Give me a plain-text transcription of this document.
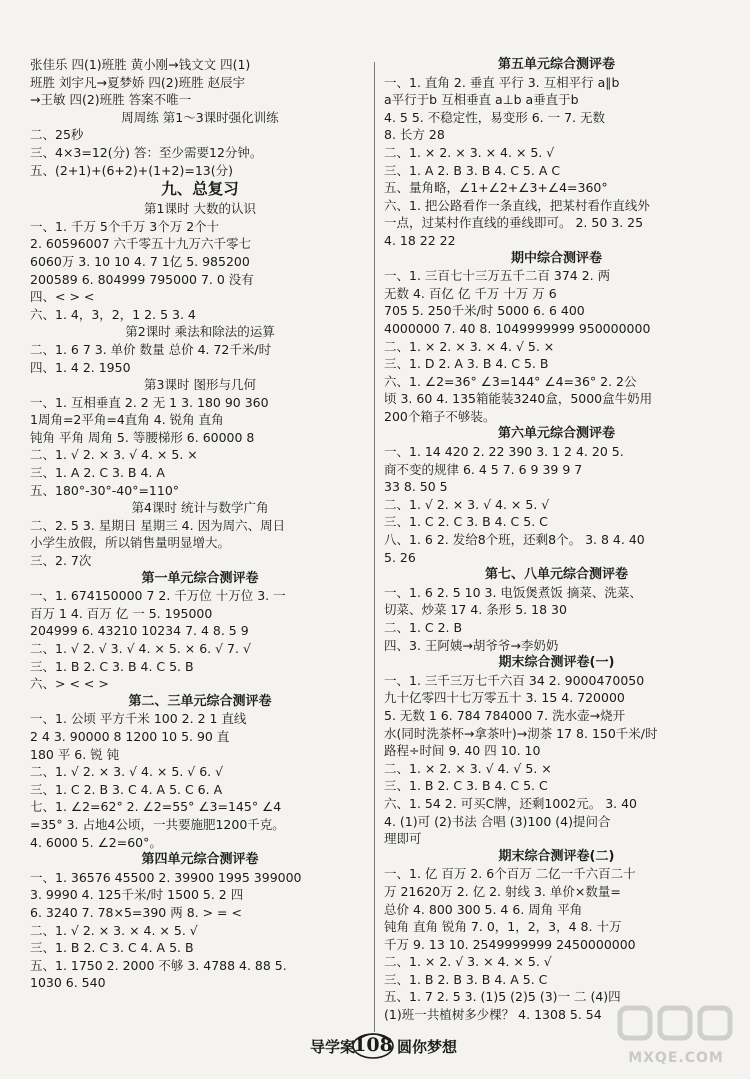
张佳乐 四(1)班胜 黄小刚→钱文文 四(1)
班胜 刘宇凡→夏梦娇 四(2)班胜 赵辰宇
→王敏 四(2)班胜 答案不唯一
周周练 第1～3课时强化训练
二、25秒
三、4×3=12(分) 答：至少需要12分钟。
五、(2+1)+(6+2)+(1+2)=13(分)
九、总复习
第1课时 大数的认识
一、1. 千万 5个千万 3个万 2个十
2. 60596007 六千零五十九万六千零七
6060万 3. 10 10 4. 7 1亿 5. 985200
200589 6. 804999 795000 7. 0 没有
四、< > <
六、1. 4，3，2，1 2. 5 3. 4
第2课时 乘法和除法的运算
二、1. 6 7 3. 单价 数量 总价 4. 72千米/时
四、1. 4 2. 1950
第3课时 图形与几何
一、1. 互相垂直 2. 2 无 1 3. 180 90 360
1周角=2平角=4直角 4. 锐角 直角
钝角 平角 周角 5. 等腰梯形 6. 60000 8
二、1. √ 2. × 3. √ 4. × 5. ×
三、1. A 2. C 3. B 4. A
五、180°-30°-40°=110°
第4课时 统计与数学广角
二、2. 5 3. 星期日 星期三 4. 因为周六、周日
小学生放假，所以销售量明显增大。
三、2. 7次
第一单元综合测评卷
一、1. 674150000 7 2. 千万位 十万位 3. 一
百万 1 4. 百万 亿 一 5. 195000
204999 6. 43210 10234 7. 4 8. 5 9
二、1. √ 2. √ 3. √ 4. × 5. × 6. √ 7. √
三、1. B 2. C 3. B 4. C 5. B
六、> < < >
第二、三单元综合测评卷
一、1. 公顷 平方千米 100 2. 2 1 直线
2 4 3. 90000 8 1200 10 5. 90 直
180 平 6. 锐 钝
二、1. √ 2. × 3. √ 4. × 5. √ 6. √
三、1. C 2. B 3. C 4. A 5. C 6. A
七、1. ∠2=62° 2. ∠2=55° ∠3=145° ∠4
=35° 3. 占地4公顷，一共要施肥1200千克。
4. 6000 5. ∠2=60°。
第四单元综合测评卷
一、1. 36576 45500 2. 39900 1995 399000
3. 9990 4. 125千米/时 1500 5. 2 四
6. 3240 7. 78×5=390 两 8. > = <
二、1. √ 2. × 3. × 4. × 5. √
三、1. B 2. C 3. C 4. A 5. B
五、1. 1750 2. 2000 不够 3. 4788 4. 88 5.
1030 6. 540
第五单元综合测评卷
一、1. 直角 2. 垂直 平行 3. 互相平行 a∥b
a平行于b 互相垂直 a⊥b a垂直于b
4. 5 5. 不稳定性，易变形 6. 一 7. 无数
8. 长方 28
二、1. × 2. × 3. × 4. × 5. √
三、1. A 2. B 3. B 4. C 5. A C
五、量角略，∠1+∠2+∠3+∠4=360°
六、1. 把公路看作一条直线，把某村看作直线外
一点，过某村作直线的垂线即可。 2. 50 3. 25
4. 18 22 22
期中综合测评卷
一、1. 三百七十三万五千二百 374 2. 两
无数 4. 百亿 亿 千万 十万 万 6
705 5. 250千米/时 5000 6. 6 400
4000000 7. 40 8. 1049999999 950000000
二、1. × 2. × 3. × 4. √ 5. ×
三、1. D 2. A 3. B 4. C 5. B
六、1. ∠2=36° ∠3=144° ∠4=36° 2. 2公
顷 3. 60 4. 135箱能装3240盒，5000盒牛奶用
200个箱子不够装。
第六单元综合测评卷
一、1. 14 420 2. 22 390 3. 1 2 4. 20 5.
商不变的规律 6. 4 5 7. 6 9 39 9 7
33 8. 50 5
二、1. √ 2. × 3. √ 4. × 5. √
三、1. C 2. C 3. B 4. C 5. C
八、1. 6 2. 发给8个班，还剩8个。 3. 8 4. 40
5. 26
第七、八单元综合测评卷
一、1. 6 2. 5 10 3. 电饭煲煮饭 摘菜、洗菜、
切菜、炒菜 17 4. 条形 5. 18 30
二、1. C 2. B
四、3. 王阿姨→胡爷爷→李奶奶
期末综合测评卷(一)
一、1. 三千三万七千六百 34 2. 9000470050
九十亿零四十七万零五十 3. 15 4. 720000
5. 无数 1 6. 784 784000 7. 洗水壶→烧开
水(同时洗茶杯→拿茶叶)→沏茶 17 8. 150千米/时
路程÷时间 9. 40 四 10. 10
二、1. × 2. × 3. √ 4. √ 5. ×
三、1. B 2. C 3. B 4. C 5. C
六、1. 54 2. 可买C牌，还剩1002元。 3. 40
4. (1)可 (2)书法 合唱 (3)100 (4)提问合
理即可
期末综合测评卷(二)
一、1. 亿 百万 2. 6个百万 二亿一千六百二十
万 21620万 2. 亿 2. 射线 3. 单价×数量=
总价 4. 800 300 5. 4 6. 周角 平角
钝角 直角 锐角 7. 0，1，2，3，4 8. 十万
千万 9. 13 10. 2549999999 2450000000
二、1. × 2. √ 3. × 4. × 5. √
三、1. B 2. B 3. B 4. A 5. C
五、1. 7 2. 5 3. (1)5 (2)5 (3)一 二 (4)四
(1)班一共植树多少棵？ 4. 1308 5. 54
导学案
108 圆你梦想
MXQE.COM
